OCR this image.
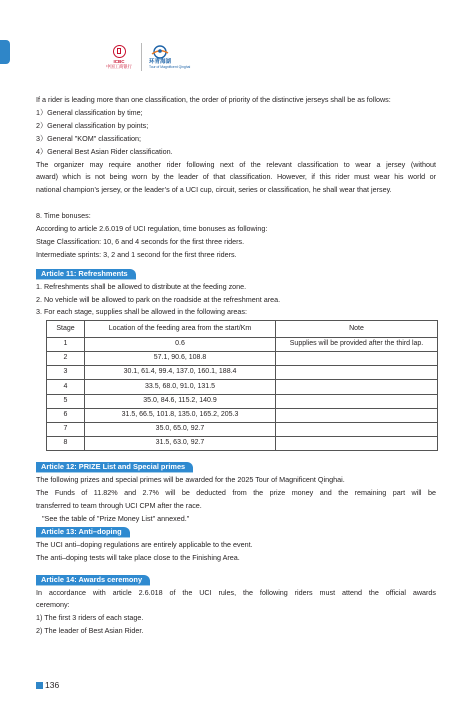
ICBC
中国工商银行
环青海湖
Tour of Magnificent Qinghai

If a rider is leading more than one classification, the order of priority of the distinctive jerseys shall be as follows:

1）General classification by time;

2）General classification by points;

3）General "KOM" classification;

4）General Best Asian Rider classification.

The organizer may require another rider following next of the relevant classification to wear a jersey (without

award) which is not being worn by the leader of that classification. However, if this rider must wear his world or

national champion’s jersey, or the leader’s of a UCI cup, circuit, series or classification, he shall wear that jersey.

8. Time bonuses:

According to article 2.6.019 of UCI regulation, time bonuses as following:

Stage Classification: 10, 6 and 4 seconds for the first three riders.

Intermediate sprints: 3, 2 and 1 second for the first three riders.

Article 11: Refreshments

1. Refreshments shall be allowed to distribute at the feeding zone.

2. No vehicle will be allowed to park on the roadside at the refreshment area.

3. For each stage, supplies shall be allowed in the following areas:

Stage	Location of the feeding area from the start/Km	Note
1	0.6	Supplies will be provided after the third lap.
2	57.1, 90.6, 108.8	
3	30.1, 61.4, 99.4, 137.0, 160.1, 188.4	
4	33.5, 68.0, 91.0, 131.5	
5	35.0, 84.6, 115.2, 140.9	
6	31.5, 66.5, 101.8, 135.0, 165.2, 205.3	
7	35.0, 65.0, 92.7	
8	31.5, 63.0, 92.7	
Article 12: PRIZE List and Special primes

The following prizes and special primes will be awarded for the 2025 Tour of Magnificent Qinghai.

The Funds of 11.82% and 2.7% will be deducted from the prize money and the remaining part will be

transferred to team through UCI CPM after the race.

"See the table of "Prize Money List" annexed."

Article 13: Anti–doping

The UCI anti–doping regulations are entirely applicable to the event.

The anti–doping tests will take place close to the Finishing Area.

Article 14: Awards ceremony

In accordance with article 2.6.018 of the UCI rules, the following riders must attend the official awards

ceremony:

1) The first 3 riders of each stage.

2) The leader of Best Asian Rider.

136
